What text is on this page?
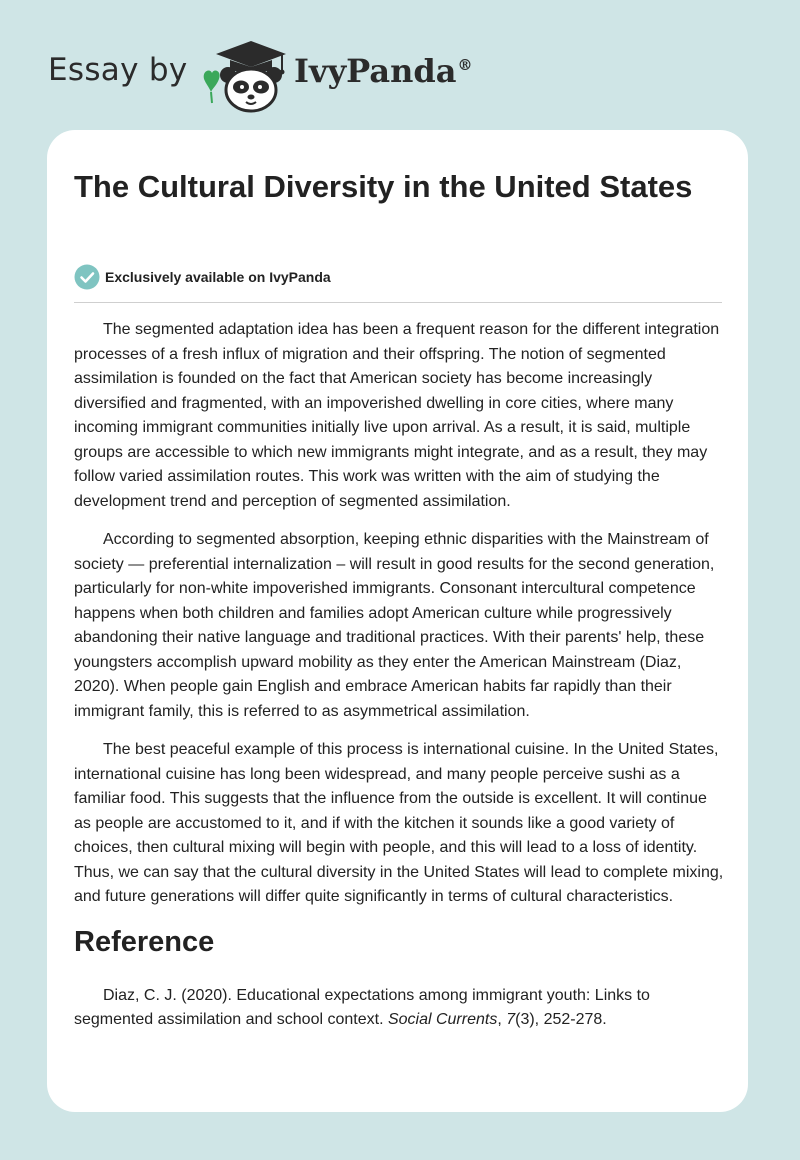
Essay by	IvyPanda®
The Cultural Diversity in the United States
Exclusively available on IvyPanda

The segmented adaptation idea has been a frequent reason for the different integration processes of a fresh influx of migration and their offspring. The notion of segmented assimilation is founded on the fact that American society has become increasingly diversified and fragmented, with an impoverished dwelling in core cities, where many incoming immigrant communities initially live upon arrival. As a result, it is said, multiple groups are accessible to which new immigrants might integrate, and as a result, they may follow varied assimilation routes. This work was written with the aim of studying the development trend and perception of segmented assimilation.

According to segmented absorption, keeping ethnic disparities with the Mainstream of society — preferential internalization – will result in good results for the second generation, particularly for non-white impoverished immigrants. Consonant intercultural competence happens when both children and families adopt American culture while progressively abandoning their native language and traditional practices. With their parents' help, these youngsters accomplish upward mobility as they enter the American Mainstream (Diaz, 2020). When people gain English and embrace American habits far rapidly than their immigrant family, this is referred to as asymmetrical assimilation.

The best peaceful example of this process is international cuisine. In the United States, international cuisine has long been widespread, and many people perceive sushi as a familiar food. This suggests that the influence from the outside is excellent. It will continue as people are accustomed to it, and if with the kitchen it sounds like a good variety of choices, then cultural mixing will begin with people, and this will lead to a loss of identity. Thus, we can say that the cultural diversity in the United States will lead to complete mixing, and future generations will differ quite significantly in terms of cultural characteristics.

Reference

Diaz, C. J. (2020). Educational expectations among immigrant youth: Links to segmented assimilation and school context. Social Currents, 7(3), 252-278.
